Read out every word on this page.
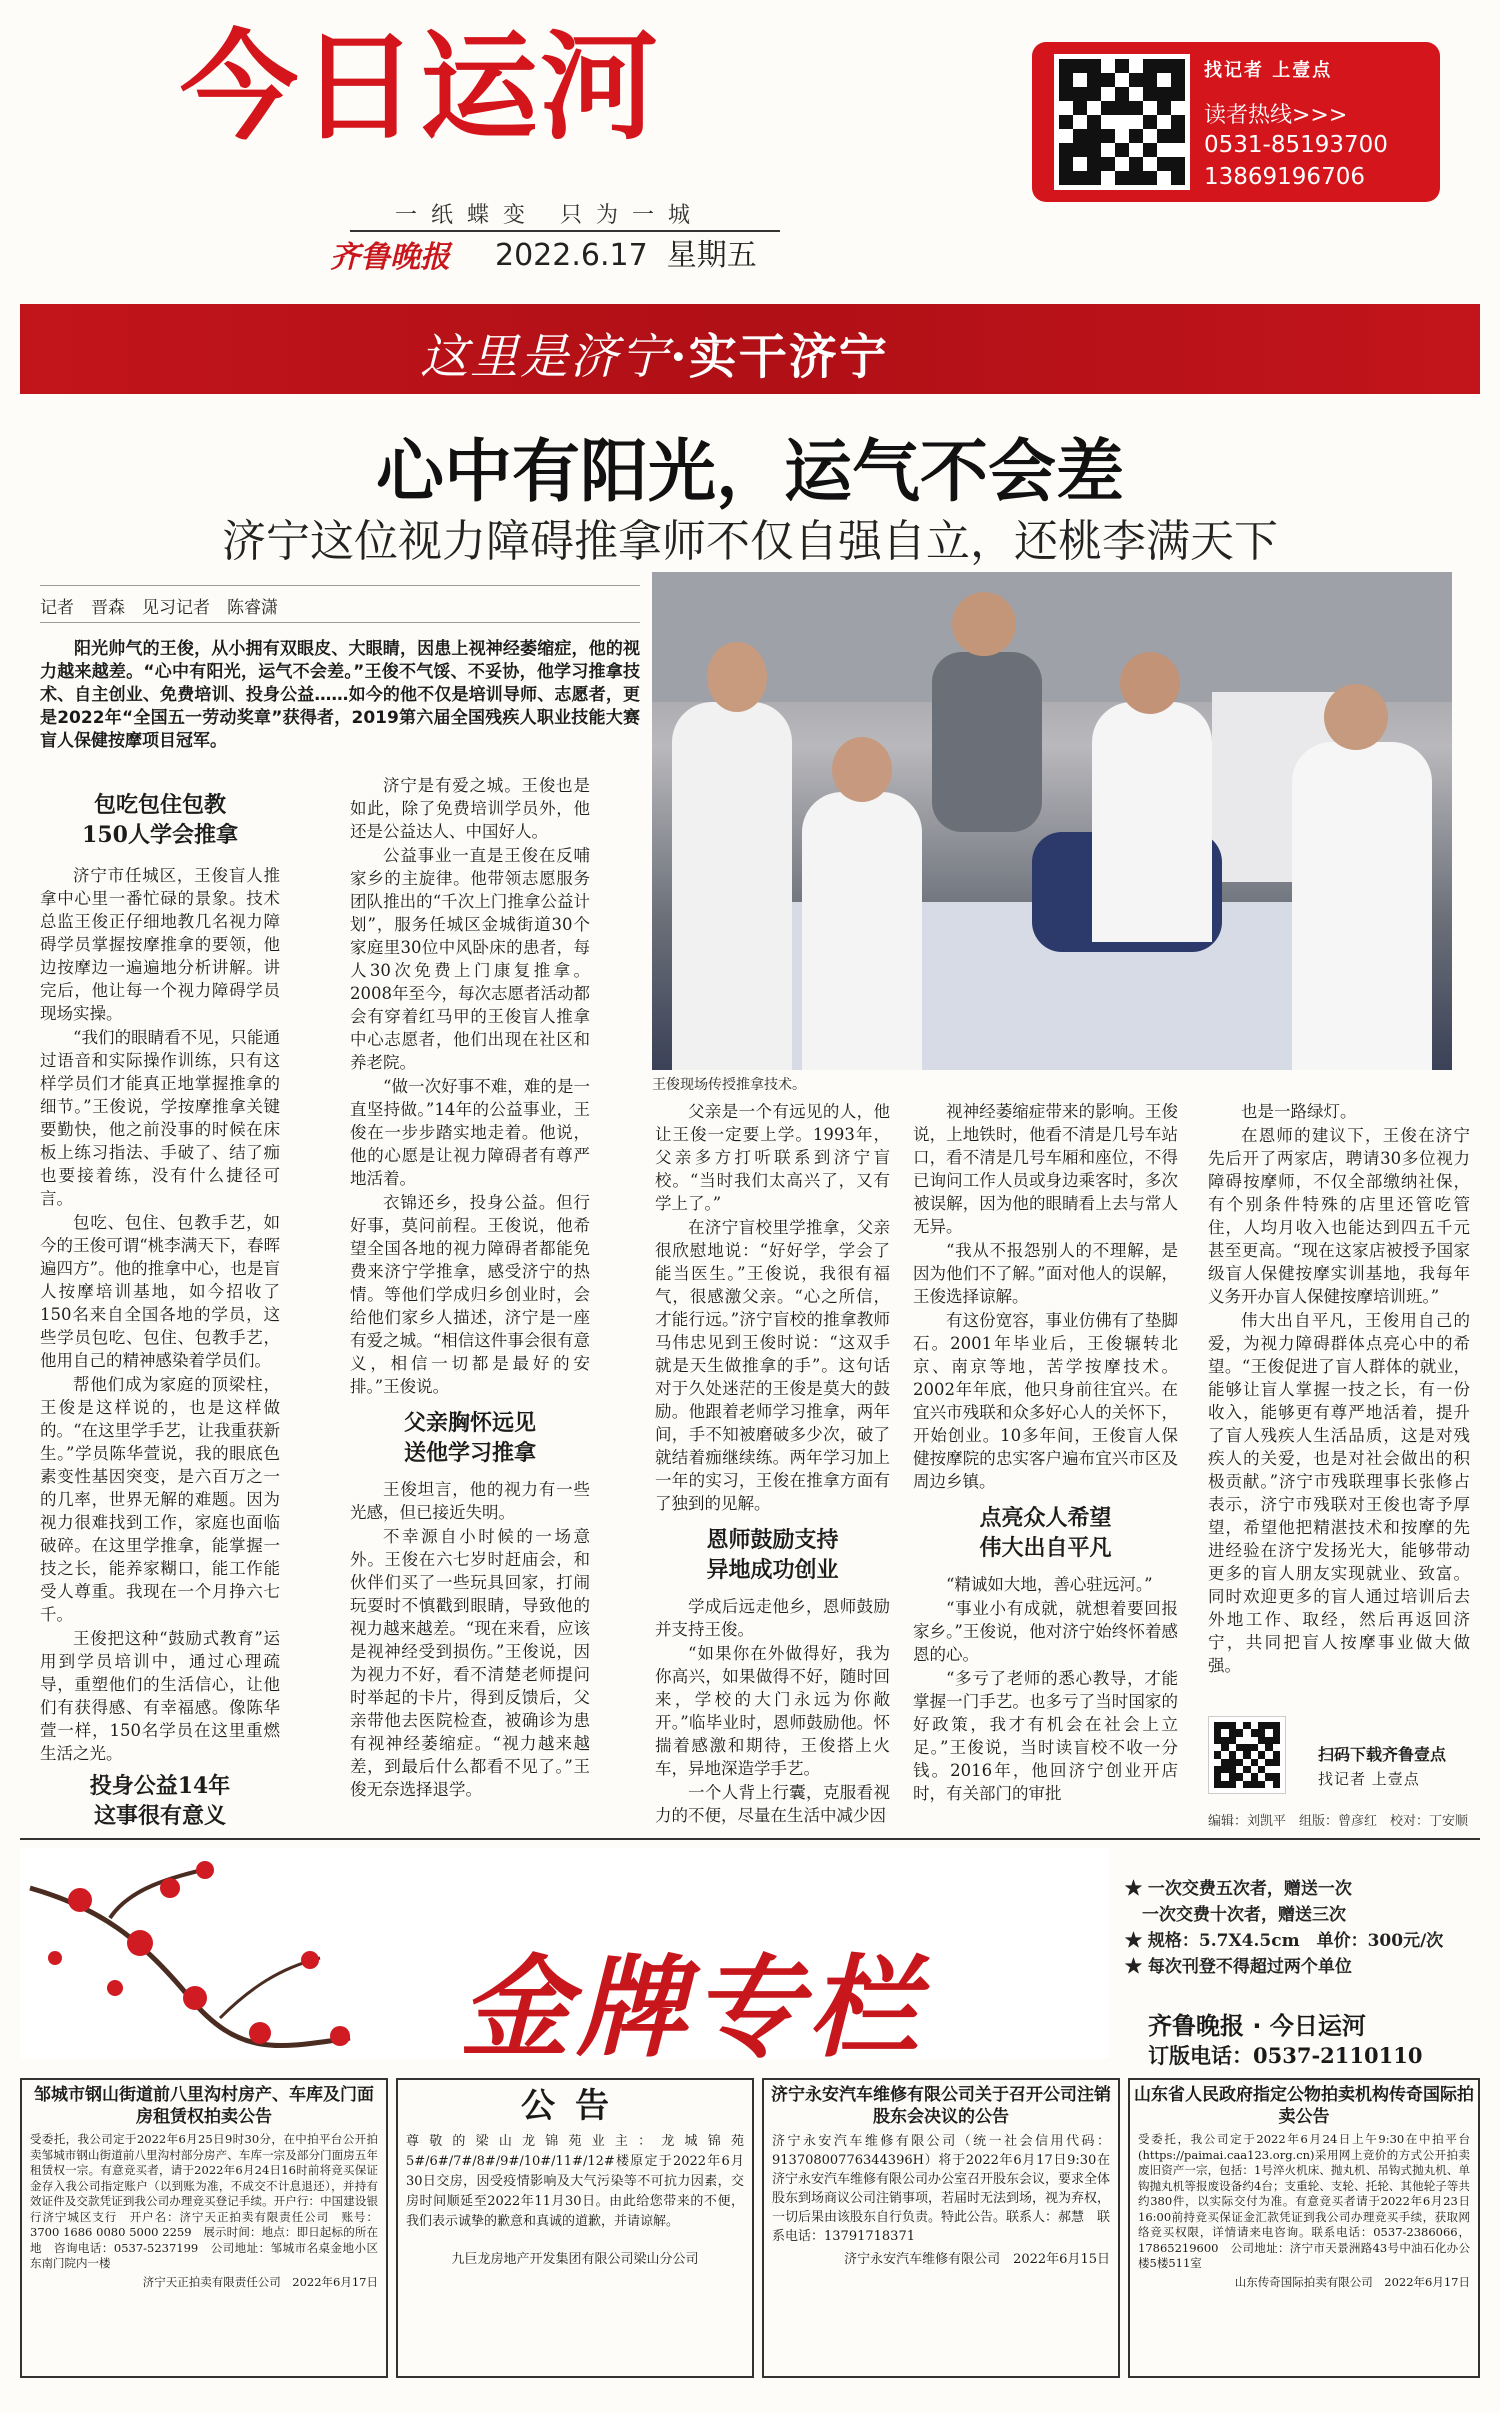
今日运河
一纸蝶变 只为一城
齐鲁晚报 2022.6.17 星期五
找记者 上壹点
读者热线>>>
0531-85193700
13869196706
这里是济宁·实干济宁
心中有阳光，运气不会差
济宁这位视力障碍推拿师不仅自强自立，还桃李满天下
记者　晋森　见习记者　陈睿潇
阳光帅气的王俊，从小拥有双眼皮、大眼睛，因患上视神经萎缩症，他的视力越来越差。“心中有阳光，运气不会差。”王俊不气馁、不妥协，他学习推拿技术、自主创业、免费培训、投身公益……如今的他不仅是培训导师、志愿者，更是2022年“全国五一劳动奖章”获得者，2019第六届全国残疾人职业技能大赛盲人保健按摩项目冠军。
王俊现场传授推拿技术。
包吃包住包教
150人学会推拿

济宁市任城区，王俊盲人推拿中心里一番忙碌的景象。技术总监王俊正仔细地教几名视力障碍学员掌握按摩推拿的要领，他边按摩边一遍遍地分析讲解。讲完后，他让每一个视力障碍学员现场实操。

“我们的眼睛看不见，只能通过语音和实际操作训练，只有这样学员们才能真正地掌握推拿的细节。”王俊说，学按摩推拿关键要勤快，他之前没事的时候在床板上练习指法、手破了、结了痂也要接着练，没有什么捷径可言。

包吃、包住、包教手艺，如今的王俊可谓“桃李满天下，春晖遍四方”。他的推拿中心，也是盲人按摩培训基地，如今招收了150名来自全国各地的学员，这些学员包吃、包住、包教手艺，他用自己的精神感染着学员们。

帮他们成为家庭的顶梁柱，王俊是这样说的，也是这样做的。“在这里学手艺，让我重获新生。”学员陈华萱说，我的眼底色素变性基因突变，是六百万之一的几率，世界无解的难题。因为视力很难找到工作，家庭也面临破碎。在这里学推拿，能掌握一技之长，能养家糊口，能工作能受人尊重。我现在一个月挣六七千。

王俊把这种“鼓励式教育”运用到学员培训中，通过心理疏导，重塑他们的生活信心，让他们有获得感、有幸福感。像陈华萱一样，150名学员在这里重燃生活之光。

投身公益14年
这事很有意义

济宁是有爱之城。王俊也是如此，除了免费培训学员外，他还是公益达人、中国好人。

公益事业一直是王俊在反哺家乡的主旋律。他带领志愿服务团队推出的“千次上门推拿公益计划”，服务任城区金城街道30个家庭里30位中风卧床的患者，每人30次免费上门康复推拿。2008年至今，每次志愿者活动都会有穿着红马甲的王俊盲人推拿中心志愿者，他们出现在社区和养老院。

“做一次好事不难，难的是一直坚持做。”14年的公益事业，王俊在一步步踏实地走着。他说，他的心愿是让视力障碍者有尊严地活着。

衣锦还乡，投身公益。但行好事，莫问前程。王俊说，他希望全国各地的视力障碍者都能免费来济宁学推拿，感受济宁的热情。等他们学成归乡创业时，会给他们家乡人描述，济宁是一座有爱之城。“相信这件事会很有意义，相信一切都是最好的安排。”王俊说。

父亲胸怀远见
送他学习推拿

王俊坦言，他的视力有一些光感，但已接近失明。

不幸源自小时候的一场意外。王俊在六七岁时赶庙会，和伙伴们买了一些玩具回家，打闹玩耍时不慎戳到眼睛，导致他的视力越来越差。“现在来看，应该是视神经受到损伤。”王俊说，因为视力不好，看不清楚老师提问时举起的卡片，得到反馈后，父亲带他去医院检查，被确诊为患有视神经萎缩症。“视力越来越差，到最后什么都看不见了。”王俊无奈选择退学。

父亲是一个有远见的人，他让王俊一定要上学。1993年，父亲多方打听联系到济宁盲校。“当时我们太高兴了，又有学上了。”

在济宁盲校里学推拿，父亲很欣慰地说：“好好学，学会了能当医生。”王俊说，我很有福气，很感激父亲。“心之所信，才能行远。”济宁盲校的推拿教师马伟忠见到王俊时说：“这双手就是天生做推拿的手”。这句话对于久处迷茫的王俊是莫大的鼓励。他跟着老师学习推拿，两年间，手不知被磨破多少次，破了就结着痂继续练。两年学习加上一年的实习，王俊在推拿方面有了独到的见解。

恩师鼓励支持
异地成功创业

学成后远走他乡，恩师鼓励并支持王俊。

“如果你在外做得好，我为你高兴，如果做得不好，随时回来，学校的大门永远为你敞开。”临毕业时，恩师鼓励他。怀揣着感激和期待，王俊搭上火车，异地深造学手艺。

一个人背上行囊，克服看视力的不便，尽量在生活中减少因

视神经萎缩症带来的影响。王俊说，上地铁时，他看不清是几号车站口，看不清是几号车厢和座位，不得已询问工作人员或身边乘客时，多次被误解，因为他的眼睛看上去与常人无异。

“我从不报怨别人的不理解，是因为他们不了解。”面对他人的误解，王俊选择谅解。

有这份宽容，事业仿佛有了垫脚石。2001年毕业后，王俊辗转北京、南京等地，苦学按摩技术。2002年年底，他只身前往宜兴。在宜兴市残联和众多好心人的关怀下，开始创业。10多年间，王俊盲人保健按摩院的忠实客户遍布宜兴市区及周边乡镇。

点亮众人希望
伟大出自平凡

“精诚如大地，善心驻远河。”

“事业小有成就，就想着要回报家乡。”王俊说，他对济宁始终怀着感恩的心。

“多亏了老师的悉心教导，才能掌握一门手艺。也多亏了当时国家的好政策，我才有机会在社会上立足。”王俊说，当时读盲校不收一分钱。2016年，他回济宁创业开店时，有关部门的审批

也是一路绿灯。

在恩师的建议下，王俊在济宁先后开了两家店，聘请30多位视力障碍按摩师，不仅全部缴纳社保，有个别条件特殊的店里还管吃管住，人均月收入也能达到四五千元甚至更高。“现在这家店被授予国家级盲人保健按摩实训基地，我每年义务开办盲人保健按摩培训班。”

伟大出自平凡，王俊用自己的爱，为视力障碍群体点亮心中的希望。“王俊促进了盲人群体的就业，能够让盲人掌握一技之长，有一份收入，能够更有尊严地活着，提升了盲人残疾人生活品质，这是对残疾人的关爱，也是对社会做出的积极贡献。”济宁市残联理事长张修占表示，济宁市残联对王俊也寄予厚望，希望他把精湛技术和按摩的先进经验在济宁发扬光大，能够带动更多的盲人朋友实现就业、致富。同时欢迎更多的盲人通过培训后去外地工作、取经，然后再返回济宁，共同把盲人按摩事业做大做强。

扫码下载齐鲁壹点
找记者 上壹点
编辑：刘凯平　组版：曾彦红　校对：丁安顺
金牌专栏
★ 一次交费五次者，赠送一次
　一次交费十次者，赠送三次
★ 规格：5.7X4.5cm　单价：300元/次
★ 每次刊登不得超过两个单位
齐鲁晚报 · 今日运河
订版电话：0537-2110110
邹城市钢山街道前八里沟村房产、车库及门面房租赁权拍卖公告
受委托，我公司定于2022年6月25日9时30分，在中拍平台公开拍卖邹城市钢山街道前八里沟村部分房产、车库一宗及部分门面房五年租赁权一宗。有意竞买者，请于2022年6月24日16时前将竞买保证金存入我公司指定账户（以到账为准，不成交不计息退还），并持有效证件及交款凭证到我公司办理竞买登记手续。开户行：中国建设银行济宁城区支行　开户名：济宁天正拍卖有限责任公司　账号：3700 1686 0080 5000 2259　展示时间：地点：即日起标的所在地　咨询电话：0537-5237199　公司地址：邹城市名桌金地小区东南门院内一楼
济宁天正拍卖有限责任公司　2022年6月17日
公告
尊敬的梁山龙锦苑业主：龙城锦苑5#/6#/7#/8#/9#/10#/11#/12#楼原定于2022年6月30日交房，因受疫情影响及大气污染等不可抗力因素，交房时间顺延至2022年11月30日。由此给您带来的不便，我们表示诚挚的歉意和真诚的道歉，并请谅解。
九巨龙房地产开发集团有限公司梁山分公司
济宁永安汽车维修有限公司关于召开公司注销股东会决议的公告
济宁永安汽车维修有限公司（统一社会信用代码：91370800776344396H）将于2022年6月17日9:30在济宁永安汽车维修有限公司办公室召开股东会议，要求全体股东到场商议公司注销事项，若届时无法到场，视为弃权，一切后果由该股东自行负责。特此公告。联系人：郝慧　联系电话：13791718371
济宁永安汽车维修有限公司　2022年6月15日
山东省人民政府指定公物拍卖机构传奇国际拍卖公告
受委托，我公司定于2022年6月24日上午9:30在中拍平台(https://paimai.caa123.org.cn)采用网上竞价的方式公开拍卖废旧资产一宗，包括：1号淬火机床、抛丸机、吊钩式抛丸机、单钩抛丸机等报废设备约4台；支重轮、支轮、托轮、其他轮子等共约380件，以实际交付为准。有意竞买者请于2022年6月23日16:00前持竞买保证金汇款凭证到我公司办理竞买手续，获取网络竞买权限，详情请来电咨询。联系电话：0537-2386066，17865219600　公司地址：济宁市天景洲路43号中油石化办公楼5楼511室
山东传奇国际拍卖有限公司　2022年6月17日
